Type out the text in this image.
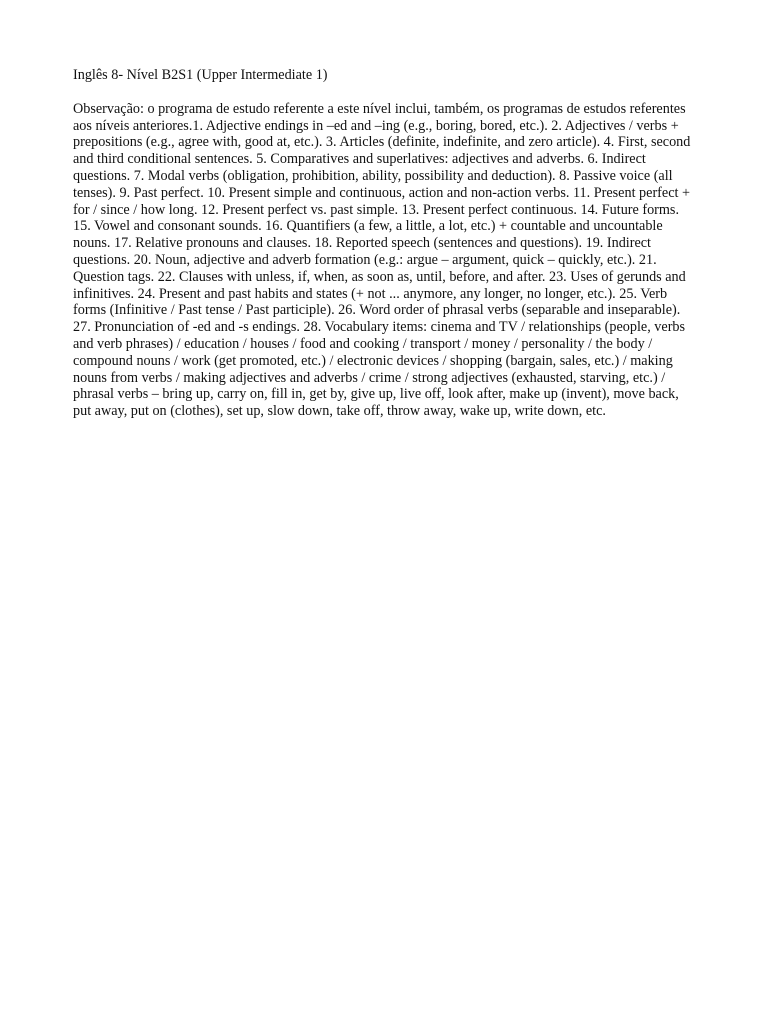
Inglês 8- Nível B2S1 (Upper Intermediate 1)

Observação: o programa de estudo referente a este nível inclui, também, os programas de estudos referentes aos níveis anteriores.1. Adjective endings in –ed and –ing (e.g., boring, bored, etc.). 2. Adjectives / verbs + prepositions (e.g., agree with, good at, etc.). 3. Articles (definite, indefinite, and zero article). 4. First, second and third conditional sentences. 5. Comparatives and superlatives: adjectives and adverbs. 6. Indirect questions. 7. Modal verbs (obligation, prohibition, ability, possibility and deduction). 8. Passive voice (all tenses). 9. Past perfect. 10. Present simple and continuous, action and non-action verbs. 11. Present perfect + for / since / how long. 12. Present perfect vs. past simple. 13. Present perfect continuous. 14. Future forms. 15. Vowel and consonant sounds. 16. Quantifiers (a few, a little, a lot, etc.) + countable and uncountable nouns. 17. Relative pronouns and clauses. 18. Reported speech (sentences and questions). 19. Indirect questions. 20. Noun, adjective and adverb formation (e.g.: argue – argument, quick – quickly, etc.). 21. Question tags. 22. Clauses with unless, if, when, as soon as, until, before, and after. 23. Uses of gerunds and infinitives. 24. Present and past habits and states (+ not ... anymore, any longer, no longer, etc.). 25. Verb forms (Infinitive / Past tense / Past participle). 26. Word order of phrasal verbs (separable and inseparable). 27. Pronunciation of -ed and -s endings. 28. Vocabulary items: cinema and TV / relationships (people, verbs and verb phrases) / education / houses / food and cooking / transport / money / personality / the body / compound nouns / work (get promoted, etc.) / electronic devices / shopping (bargain, sales, etc.) / making nouns from verbs / making adjectives and adverbs / crime / strong adjectives (exhausted, starving, etc.) / phrasal verbs – bring up, carry on, fill in, get by, give up, live off, look after, make up (invent), move back, put away, put on (clothes), set up, slow down, take off, throw away, wake up, write down, etc.
